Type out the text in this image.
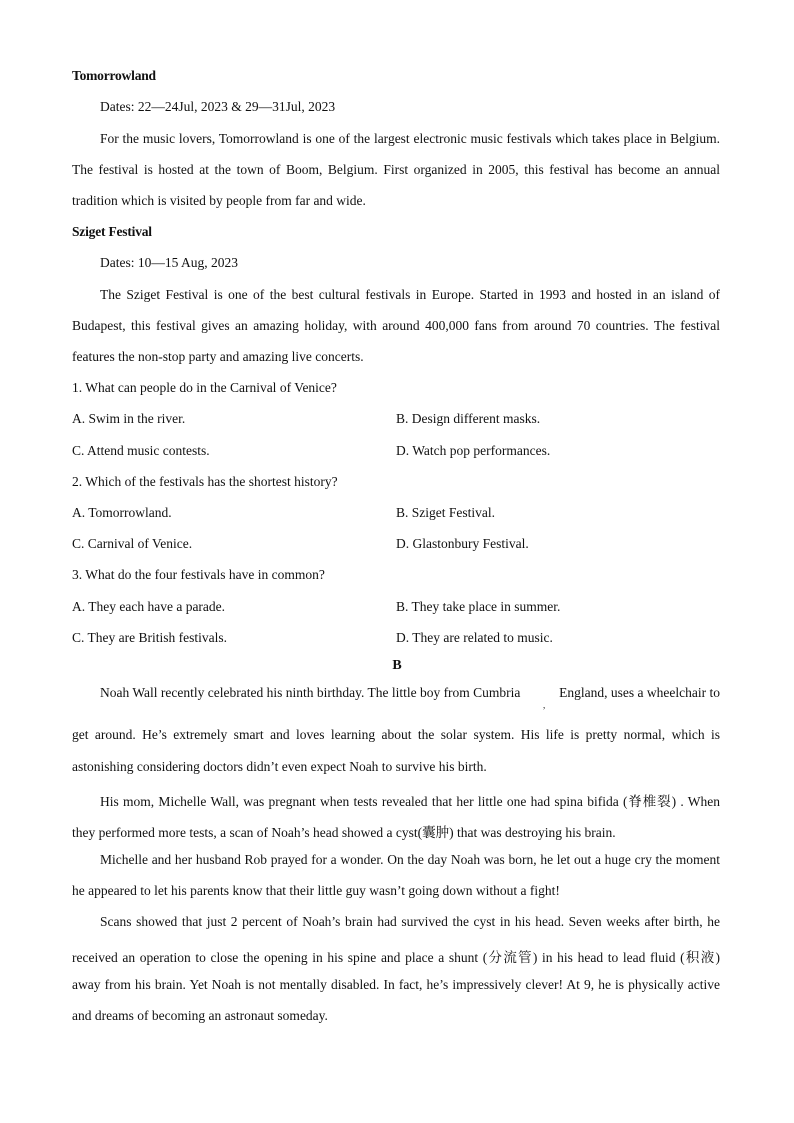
Tomorrowland
Dates: 22—24Jul, 2023 & 29—31Jul, 2023
For the music lovers, Tomorrowland is one of the largest electronic music festivals which takes place in Belgium.
The festival is hosted at the town of Boom, Belgium. First organized in 2005, this festival has become an annual
tradition which is visited by people from far and wide.
Sziget Festival
Dates: 10—15 Aug, 2023
The Sziget Festival is one of the best cultural festivals in Europe. Started in 1993 and hosted in an island of
Budapest, this festival gives an amazing holiday, with around 400,000 fans from around 70 countries. The festival
features the non-stop party and amazing live concerts.
1. What can people do in the Carnival of Venice?
A. Swim in the river.	B. Design different masks.
C. Attend music contests.	D. Watch pop performances.
2. Which of the festivals has the shortest history?
A. Tomorrowland.	B. Sziget Festival.
C. Carnival of Venice.	D. Glastonbury Festival.
3. What do the four festivals have in common?
A. They each have a parade.	B. They take place in summer.
C. They are British festivals.	D. They are related to music.
B
Noah Wall recently celebrated his ninth birthday. The little boy from Cumbria
,
England, uses a wheelchair to
get around. He’s extremely smart and loves learning about the solar system. His life is pretty normal, which is
astonishing considering doctors didn’t even expect Noah to survive his birth.
His mom, Michelle Wall, was pregnant when tests revealed that her little one had spina bifida (脊椎裂) . When
they performed more tests, a scan of Noah’s head showed a cyst(囊肿) that was destroying his brain.
Michelle and her husband Rob prayed for a wonder. On the day Noah was born, he let out a huge cry the moment
he appeared to let his parents know that their little guy wasn’t going down without a fight!
Scans showed that just 2 percent of Noah’s brain had survived the cyst in his head. Seven weeks after birth, he
received an operation to close the opening in his spine and place a shunt (分流管) in his head to lead fluid (积液)
away from his brain. Yet Noah is not mentally disabled. In fact, he’s impressively clever! At 9, he is physically active
and dreams of becoming an astronaut someday.
